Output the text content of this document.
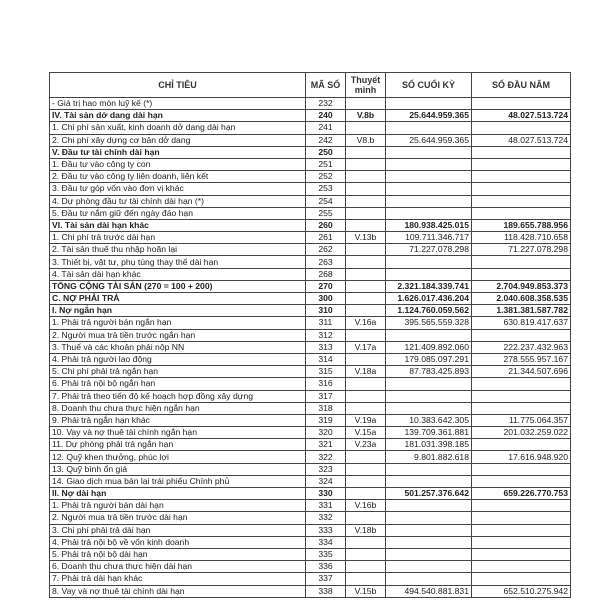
CHỈ TIÊU	MÃ SỐ	Thuyết minh	SỐ CUỐI KỲ	SỐ ĐẦU NĂM
- Giá trị hao mòn luỹ kế (*)	232			
IV. Tài sản dở dang dài hạn	240	V.8b	25.644.959.365	48.027.513.724
1. Chi phí sản xuất, kinh doanh dở dang dài hạn	241			
2. Chi phí xây dựng cơ bản dở dang	242	V8.b	25.644.959.365	48.027.513.724
V. Đầu tư tài chính dài hạn	250			
1. Đầu tư vào công ty con	251			
2. Đầu tư vào công ty liên doanh, liên kết	252			
3. Đầu tư góp vốn vào đơn vị khác	253			
4. Dự phòng đầu tư tài chính dài hạn (*)	254			
5. Đầu tư nắm giữ đến ngày đáo hạn	255			
VI. Tài sản dài hạn khác	260		180.938.425.015	189.655.788.956
1. Chi phí trả trước dài hạn	261	V.13b	109.711.346.717	118.428.710.658
2. Tài sản thuế thu nhập hoãn lại	262		71.227.078.298	71.227.078.298
3. Thiết bị, vật tư, phụ tùng thay thế dài hạn	263			
4. Tài sản dài hạn khác	268			
TỔNG CỘNG TÀI SẢN (270 = 100 + 200)	270		2.321.184.339.741	2.704.949.853.373
C. NỢ PHẢI TRẢ	300		1.626.017.436.204	2.040.608.358.535
I. Nợ ngắn hạn	310		1.124.760.059.562	1.381.381.587.782
1. Phải trả người bán ngắn hạn	311	V.16a	395.565.559.328	630.819.417.637
2. Người mua trả tiền trước ngắn hạn	312			
3. Thuế và các khoản phải nộp NN	313	V.17a	121.409.892.060	222.237.432.963
4. Phải trả người lao động	314		179.085.097.291	278.555.957.167
5. Chi phí phải trả ngắn hạn	315	V.18a	87.783.425.893	21.344.507.696
6. Phải trả nội bộ ngắn hạn	316			
7. Phải trả theo tiến độ kế hoạch hợp đồng xây dựng	317			
8. Doanh thu chưa thực hiện ngắn hạn	318			
9. Phải trả ngắn hạn khác	319	V.19a	10.383.642.305	11.775.064.357
10. Vay và nợ thuê tài chính ngắn hạn	320	V.15a	139.709.361.881	201.032.259.022
11. Dự phòng phải trả ngắn hạn	321	V.23a	181.031.398.185	
12. Quỹ khen thưởng, phúc lợi	322		9.801.882.618	17.616.948.920
13. Quỹ bình ổn giá	323			
14. Giao dịch mua bán lại trái phiếu Chính phủ	324			
II. Nợ dài hạn	330		501.257.376.642	659.226.770.753
1. Phải trả người bán dài hạn	331	V.16b		
2. Người mua trả tiền trước dài hạn	332			
3. Chi phí phải trả dài hạn	333	V.18b		
4. Phải trả nội bộ về vốn kinh doanh	334			
5. Phải trả nội bộ dài hạn	335			
6. Doanh thu chưa thực hiện dài hạn	336			
7. Phải trả dài hạn khác	337			
8. Vay và nợ thuê tài chính dài hạn	338	V.15b	494.540.881.831	652.510.275.942
